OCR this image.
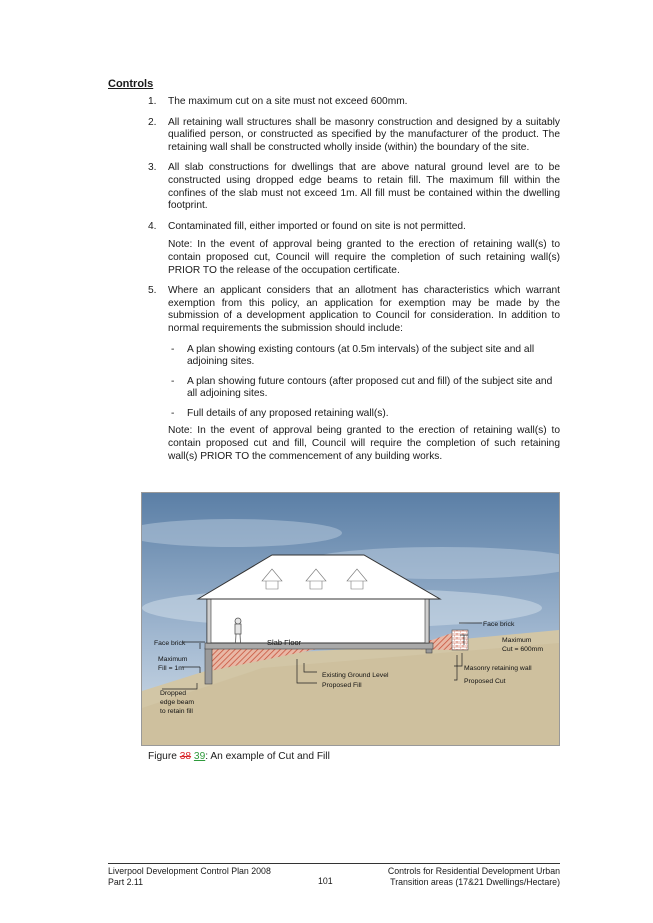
Controls
1. The maximum cut on a site must not exceed 600mm.
2. All retaining wall structures shall be masonry construction and designed by a suitably qualified person, or constructed as specified by the manufacturer of the product. The retaining wall shall be constructed wholly inside (within) the boundary of the site.
3. All slab constructions for dwellings that are above natural ground level are to be constructed using dropped edge beams to retain fill. The maximum fill within the confines of the slab must not exceed 1m. All fill must be contained within the dwelling footprint.
4. Contaminated fill, either imported or found on site is not permitted.
Note: In the event of approval being granted to the erection of retaining wall(s) to contain proposed cut, Council will require the completion of such retaining wall(s) PRIOR TO the release of the occupation certificate.
5. Where an applicant considers that an allotment has characteristics which warrant exemption from this policy, an application for exemption may be made by the submission of a development application to Council for consideration. In addition to normal requirements the submission should include:
- A plan showing existing contours (at 0.5m intervals) of the subject site and all adjoining sites.
- A plan showing future contours (after proposed cut and fill) of the subject site and all adjoining sites.
- Full details of any proposed retaining wall(s).
Note: In the event of approval being granted to the erection of retaining wall(s) to contain proposed cut and fill, Council will require the completion of such retaining wall(s) PRIOR TO the commencement of any building works.
Face brick	Slab Floor
Maximum
Fill = 1m
Existing Ground Level
Proposed Fill
Dropped
edge beam
to retain fill
Face brick
Maximum
Cut = 600mm
Masonry retaining wall
Proposed Cut
Figure 38 39: An example of Cut and Fill
Liverpool Development Control Plan 2008
Part 2.11	101
Controls for Residential Development Urban
Transition areas (17&21 Dwellings/Hectare)
